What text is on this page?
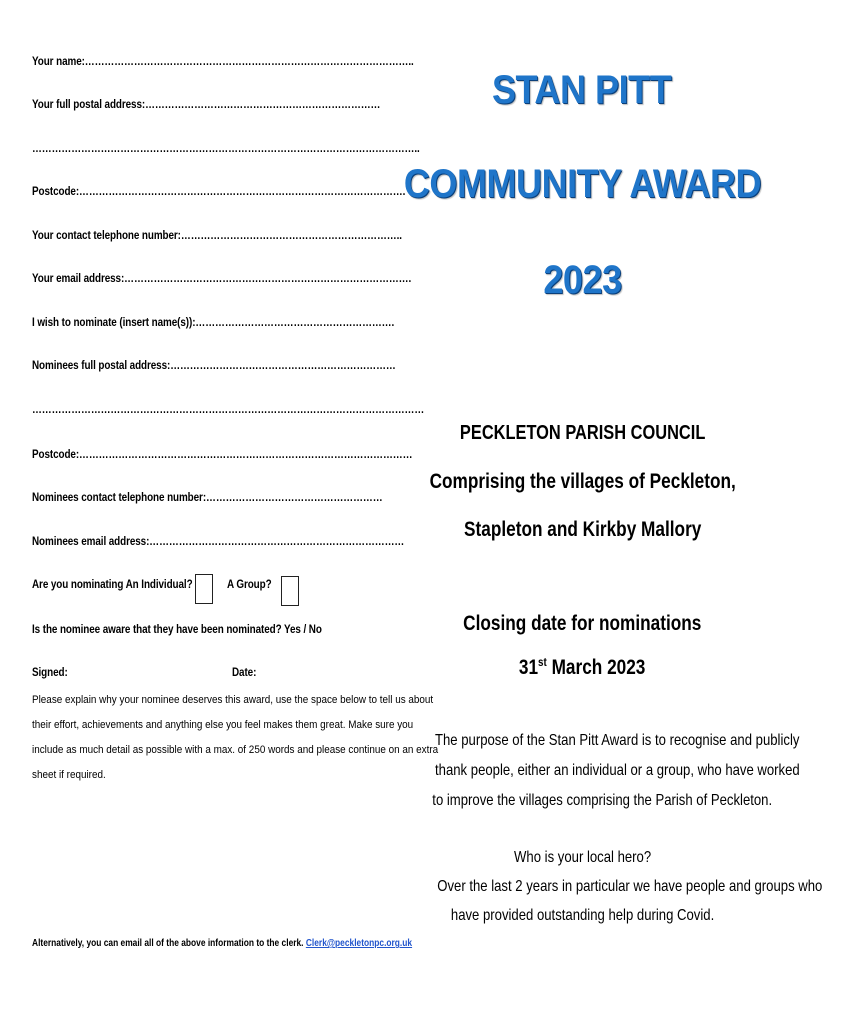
Your name:………………………………………………………………………………………..
Your full postal address:………………………………………………………………
………………………………………………………………………………………………………..
Postcode:……………………………………………………………………………………….
Your contact telephone number:…………………………………………………………..
Your email address:…………………………………………………………………………….
I wish to nominate (insert name(s)):…………………………………………………….
Nominees full postal address:……………………………………………………………
…………………………………………………………………………………………………………
Postcode:…………………………………………………………………………………………
Nominees contact telephone number:………………………………………………
Nominees email address:……………………………………………………………………
Are you nominating An Individual?	A Group?
Is the nominee aware that they have been nominated? Yes / No
Signed:	Date:
Please explain why your nominee deserves this award, use the space below to tell us about
their effort, achievements and anything else you feel makes them great. Make sure you
include as much detail as possible with a max. of 250 words and please continue on an extra
sheet if required.
Alternatively, you can email all of the above information to the clerk. Clerk@peckletonpc.org.uk
STAN PITT
COMMUNITY AWARD
2023
PECKLETON PARISH COUNCIL
Comprising the villages of Peckleton,
Stapleton and Kirkby Mallory
Closing date for nominations
31st March 2023
The purpose of the Stan Pitt Award is to recognise and publicly
thank people, either an individual or a group, who have worked
to improve the villages comprising the Parish of Peckleton.
Who is your local hero?
Over the last 2 years in particular we have people and groups who
have provided outstanding help during Covid.
